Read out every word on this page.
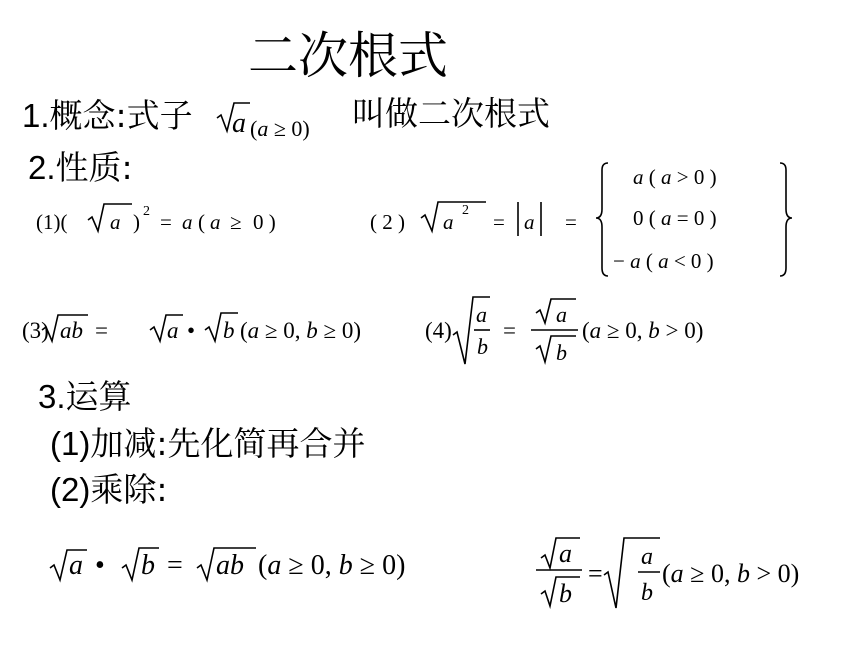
二次根式
1.概念:式子	叫做二次根式
2.性质:
3.运算
(1)加减:先化简再合并
(2)乘除:
a (a ≥ 0)
(1)( a ) 2 = a ( a ≥ 0 )	( 2 ) a 2 = a =
a ( a > 0 )
0 ( a = 0 )
− a ( a < 0 )
(3) ab =	a • b (a ≥ 0, b ≥ 0)	(4)
a
b
=
a
b
(a ≥ 0, b > 0)
a • b = ab (a ≥ 0, b ≥ 0)	a
b
=
a
b
(a ≥ 0, b > 0)
